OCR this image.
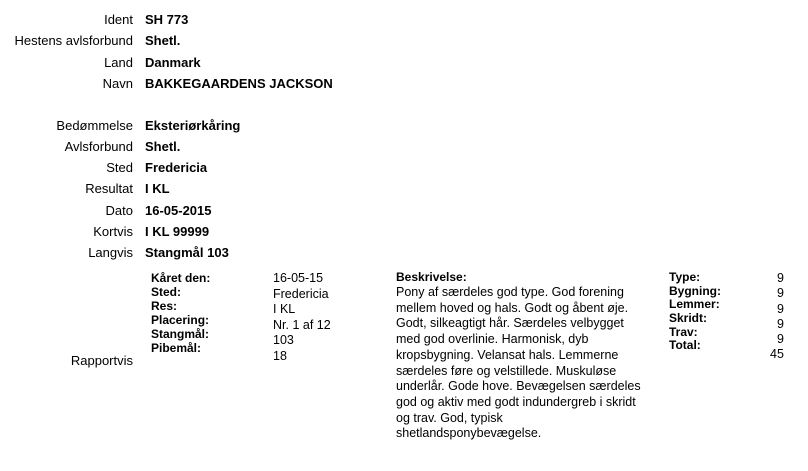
Ident SH 773
Hestens avlsforbund Shetl.
Land Danmark
Navn BAKKEGAARDENS JACKSON
Bedømmelse Eksteriørkåring
Avlsforbund Shetl.
Sted Fredericia
Resultat I KL
Dato 16-05-2015
Kortvis I KL 99999
Langvis Stangmål 103
Rapportvis
Kåret den:
Sted:
Res:
Placering:
Stangmål:
Pibemål:
16-05-15
Fredericia
I KL
Nr. 1 af 12
103
18
Beskrivelse:
Pony af særdeles god type. God forening mellem hoved og hals. Godt og åbent øje. Godt, silkeagtigt hår. Særdeles velbygget med god overlinie. Harmonisk, dyb kropsbygning. Velansat hals. Lemmerne særdeles føre og velstillede. Muskuløse underlår. Gode hove. Bevægelsen særdeles god og aktiv med godt indundergreb i skridt og trav. God, typisk shetlandsponybevægelse.
Type:
Bygning:
Lemmer:
Skridt:
Trav:
Total:
9
9
9
9
9
45
